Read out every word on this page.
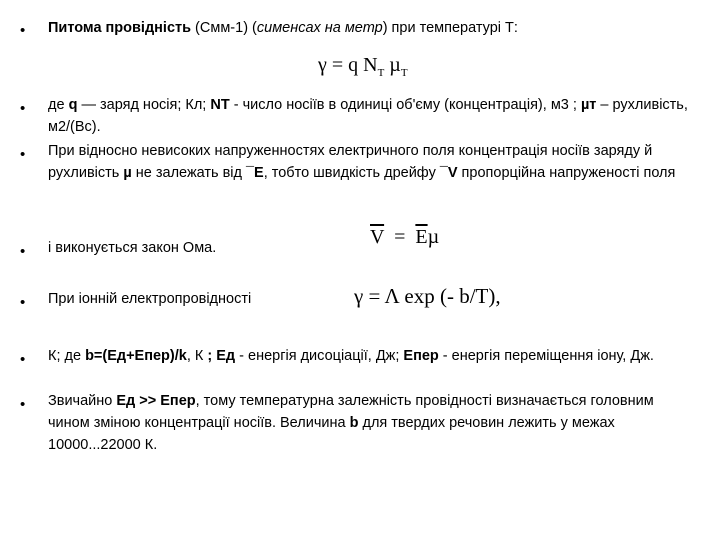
• Питома провідність (Смм-1) (сименсах на метр) при температурі Т:
γ = q $N_T$ µ$_T$
• де q — заряд носія; Кл; NT - число носіїв в одиниці об'єму (концентрація), м3 ; µт – рухливість, м2/(Вс).
• При відносно невисоких напруженностях електричного поля концентрація носіїв заряду й рухливість µ не залежать від ¯E, тобто швидкість дрейфу ¯V пропорційна напруженості поля
$\overline{V} = \overline{E}\mu$
• і виконується закон Ома.
• При іонній електропровідності	γ = Λ exp (- b/T),
• К; де b=(Ед+Епер)/k, К ; Ед - енергія дисоціації, Дж; Епер - енергія переміщення іону, Дж.
• Звичайно Ед >> Епер, тому температурна залежність провідності визначається головним чином зміною концентрації носіїв. Величина b для твердих речовин лежить у межах 10000...22000 К.
